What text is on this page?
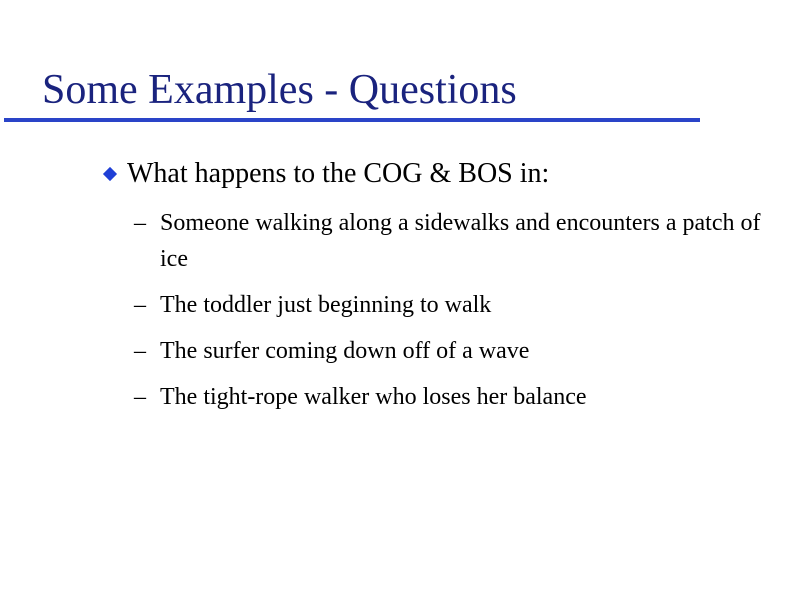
Some Examples - Questions
What happens to the COG & BOS in:
– Someone walking along a sidewalks and encounters a patch of ice
– The toddler just beginning to walk
– The surfer coming down off of a wave
– The tight-rope walker who loses her balance
